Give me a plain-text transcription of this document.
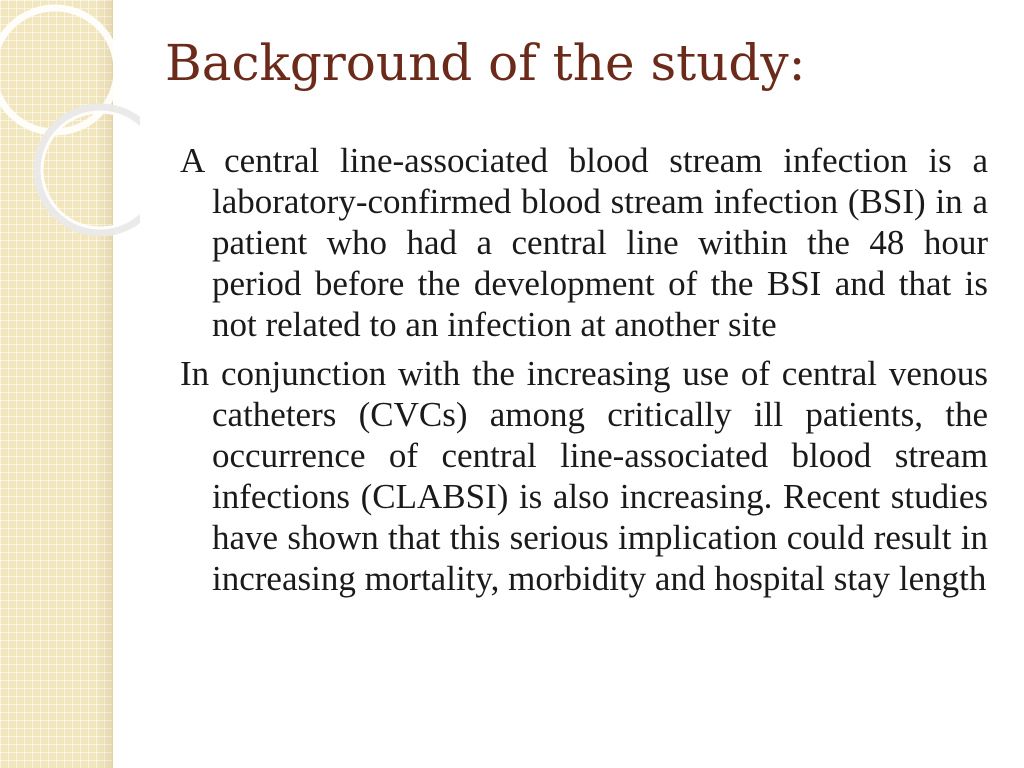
Background of the study:
A central line-associated blood stream infection is a laboratory-confirmed blood stream infection (BSI) in a patient who had a central line within the 48 hour period before the development of the BSI and that is not related to an infection at another site
In conjunction with the increasing use of central venous catheters (CVCs) among critically ill patients, the occurrence of central line-associated blood stream infections (CLABSI) is also increasing. Recent studies have shown that this serious implication could result in increasing mortality, morbidity and hospital stay length
